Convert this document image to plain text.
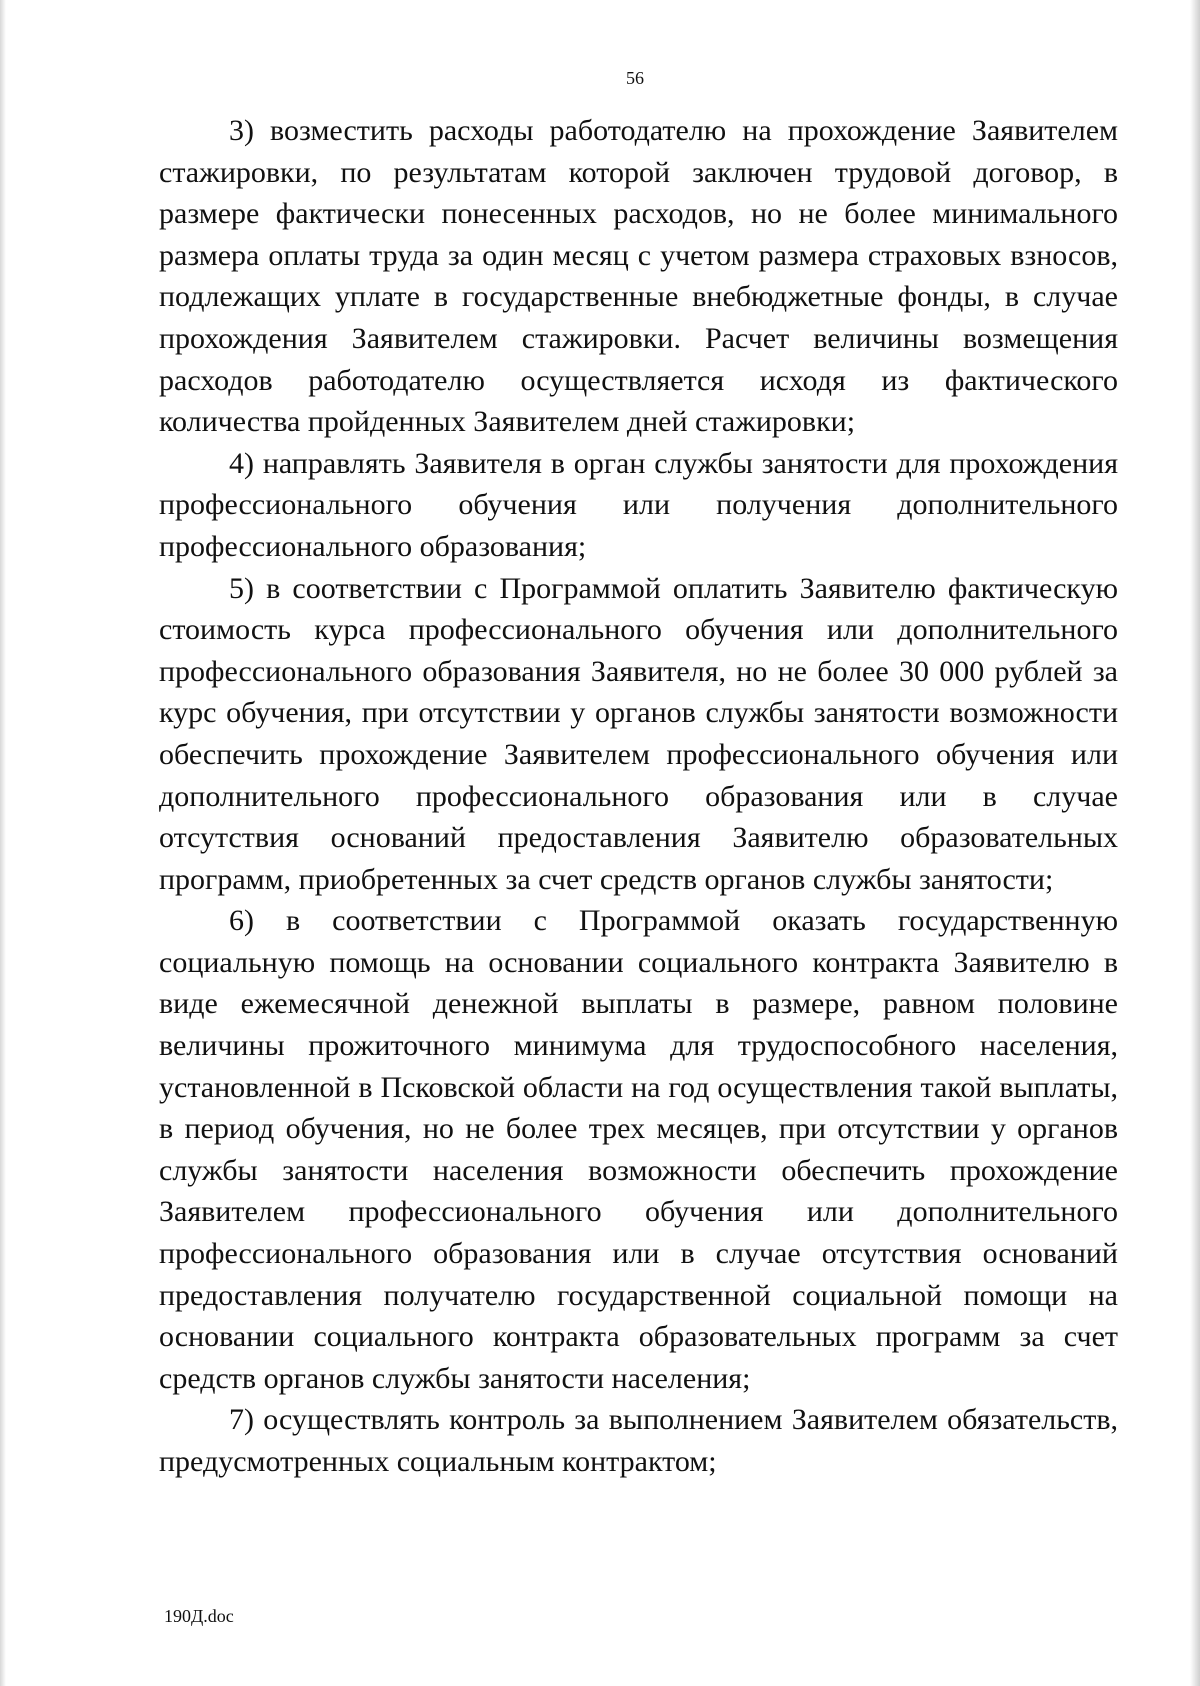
56

3) возместить расходы работодателю на прохождение Заявителем стажировки, по результатам которой заключен трудовой договор, в размере фактически понесенных расходов, но не более минимального размера оплаты труда за один месяц с учетом размера страховых взносов, подлежащих уплате в государственные внебюджетные фонды, в случае прохождения Заявителем стажировки. Расчет величины возмещения расходов работодателю осуществляется исходя из фактического количества пройденных Заявителем дней стажировки;

4) направлять Заявителя в орган службы занятости для прохождения профессионального обучения или получения дополнительного профессионального образования;

5) в соответствии с Программой оплатить Заявителю фактическую стоимость курса профессионального обучения или дополнительного профессионального образования Заявителя, но не более 30 000 рублей за курс обучения, при отсутствии у органов службы занятости возможности обеспечить прохождение Заявителем профессионального обучения или дополнительного профессионального образования или в случае отсутствия оснований предоставления Заявителю образовательных программ, приобретенных за счет средств органов службы занятости;

6) в соответствии с Программой оказать государственную социальную помощь на основании социального контракта Заявителю в виде ежемесячной денежной выплаты в размере, равном половине величины прожиточного минимума для трудоспособного населения, установленной в Псковской области на год осуществления такой выплаты, в период обучения, но не более трех месяцев, при отсутствии у органов службы занятости населения возможности обеспечить прохождение Заявителем профессионального обучения или дополнительного профессионального образования или в случае отсутствия оснований предоставления получателю государственной социальной помощи на основании социального контракта образовательных программ за счет средств органов службы занятости населения;

7) осуществлять контроль за выполнением Заявителем обязательств, предусмотренных социальным контрактом;

190Д.doc
